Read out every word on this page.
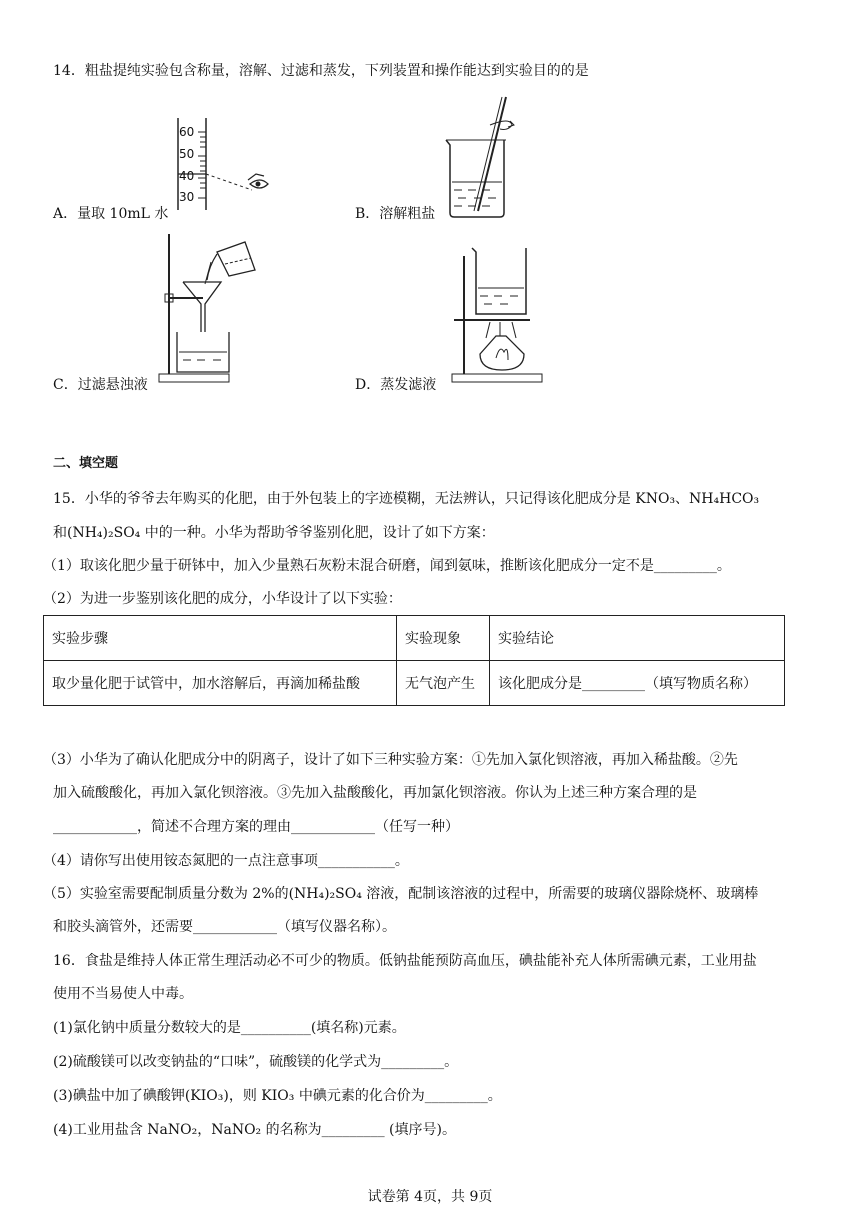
14．粗盐提纯实验包含称量，溶解、过滤和蒸发，下列装置和操作能达到实验目的的是
60
50
40
30
A．量取 10mL 水	B．溶解粗盐
C．过滤悬浊液	D．蒸发滤液
二、填空题
15．小华的爷爷去年购买的化肥，由于外包装上的字迹模糊，无法辨认，只记得该化肥成分是 KNO₃、NH₄HCO₃
和(NH₄)₂SO₄ 中的一种。小华为帮助爷爷鉴别化肥，设计了如下方案：
（1）取该化肥少量于研钵中，加入少量熟石灰粉末混合研磨，闻到氨味，推断该化肥成分一定不是_________。
（2）为进一步鉴别该化肥的成分，小华设计了以下实验：
实验步骤	实验现象	实验结论
取少量化肥于试管中，加水溶解后，再滴加稀盐酸	无气泡产生	该化肥成分是_________（填写物质名称）
（3）小华为了确认化肥成分中的阴离子，设计了如下三种实验方案：①先加入氯化钡溶液，再加入稀盐酸。②先
加入硫酸酸化，再加入氯化钡溶液。③先加入盐酸酸化，再加氯化钡溶液。你认为上述三种方案合理的是
____________，简述不合理方案的理由____________（任写一种）
（4）请你写出使用铵态氮肥的一点注意事项___________。
（5）实验室需要配制质量分数为 2%的(NH₄)₂SO₄ 溶液，配制该溶液的过程中，所需要的玻璃仪器除烧杯、玻璃棒
和胶头滴管外，还需要____________（填写仪器名称）。
16．食盐是维持人体正常生理活动必不可少的物质。低钠盐能预防高血压，碘盐能补充人体所需碘元素，工业用盐
使用不当易使人中毒。
(1)氯化钠中质量分数较大的是__________(填名称)元素。
(2)硫酸镁可以改变钠盐的“口味”，硫酸镁的化学式为_________。
(3)碘盐中加了碘酸钾(KIO₃)，则 KIO₃ 中碘元素的化合价为_________。
(4)工业用盐含 NaNO₂，NaNO₂ 的名称为_________ (填序号)。
试卷第 4页，共 9页
